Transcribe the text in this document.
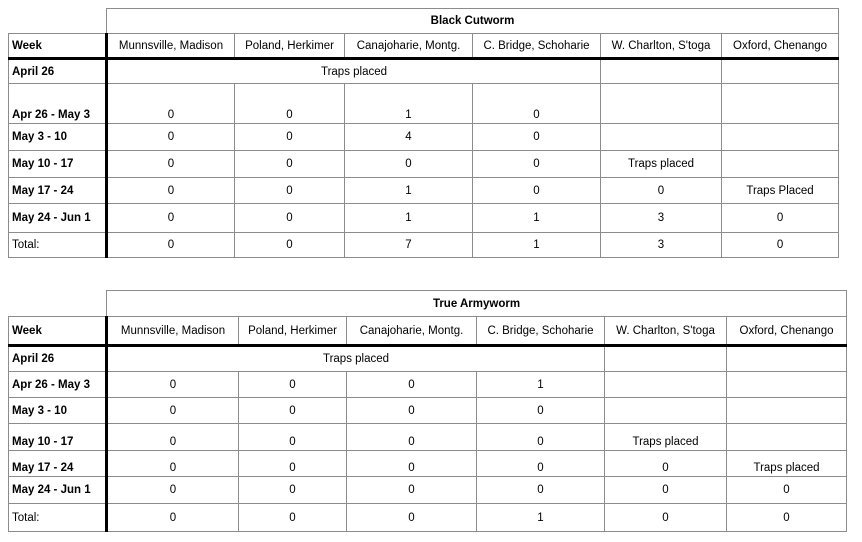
	Black Cutworm					
Week	Munnsville, Madison	Poland, Herkimer	Canajoharie, Montg.	C. Bridge, Schoharie	W. Charlton, S'toga	Oxford, Chenango
April 26	Traps placed					
Apr 26 - May 3	0	0	1	0		
May 3 - 10	0	0	4	0		
May 10 - 17	0	0	0	0	Traps placed	
May 17 - 24	0	0	1	0	0	Traps Placed
May 24 - Jun 1	0	0	1	1	3	0
Total:	0	0	7	1	3	0
	True Armyworm					
Week	Munnsville, Madison	Poland, Herkimer	Canajoharie, Montg.	C. Bridge, Schoharie	W. Charlton, S'toga	Oxford, Chenango
April 26	Traps placed					
Apr 26 - May 3	0	0	0	1		
May 3 - 10	0	0	0	0		
May 10 - 17	0	0	0	0	Traps placed	
May 17 - 24	0	0	0	0	0	Traps placed
May 24 - Jun 1	0	0	0	0	0	0
Total:	0	0	0	1	0	0
